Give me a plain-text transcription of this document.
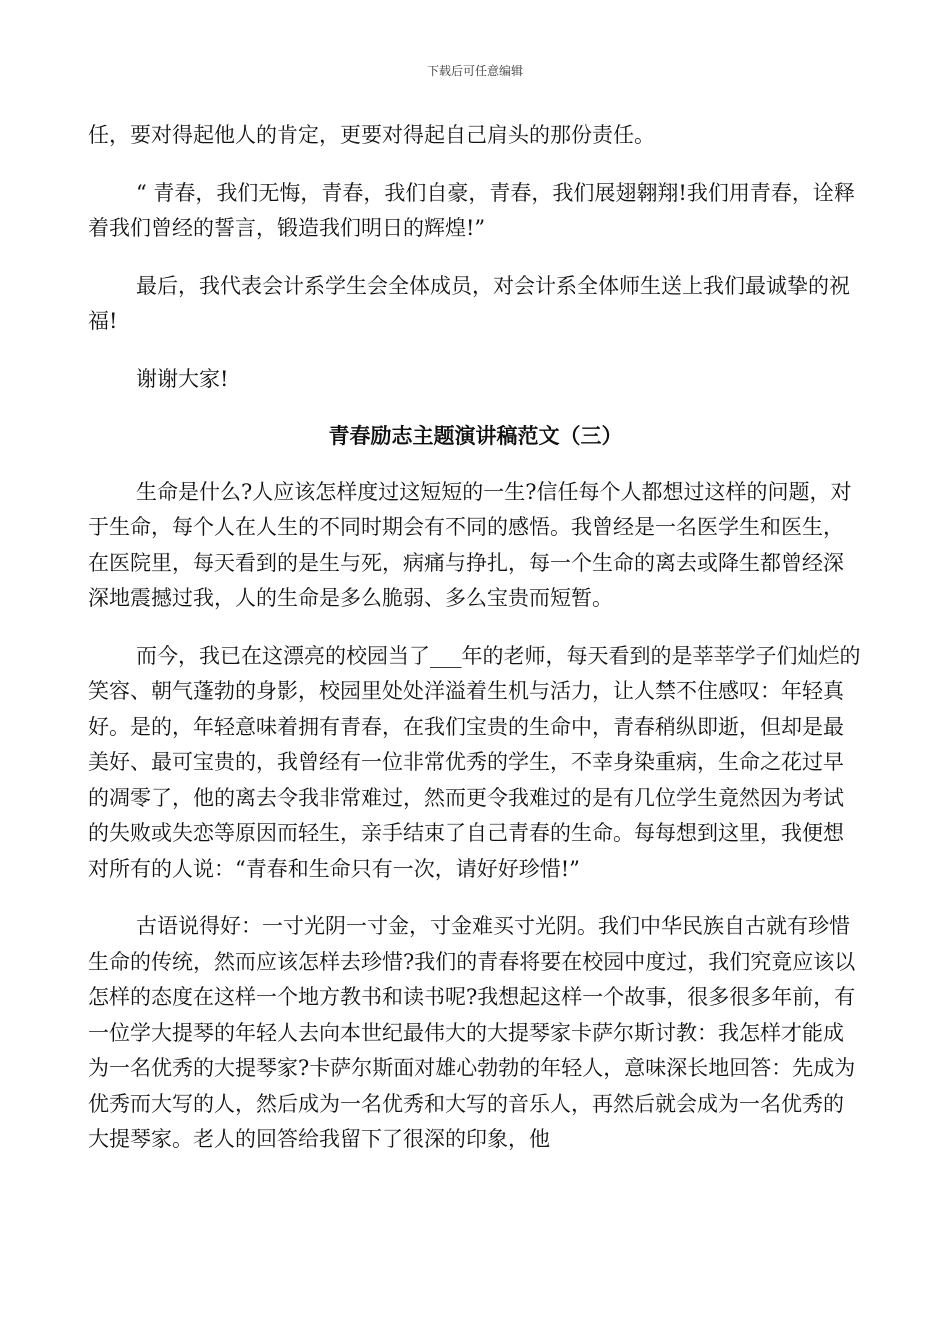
下载后可任意编辑

任，要对得起他人的肯定，更要对得起自己肩头的那份责任。

“ 青春，我们无悔，青春，我们自豪，青春，我们展翅翱翔!我们用青春，诠释着我们曾经的誓言，锻造我们明日的辉煌!”

最后，我代表会计系学生会全体成员，对会计系全体师生送上我们最诚挚的祝福!

谢谢大家!

青春励志主题演讲稿范文（三）

生命是什么?人应该怎样度过这短短的一生?信任每个人都想过这样的问题，对于生命，每个人在人生的不同时期会有不同的感悟。我曾经是一名医学生和医生，在医院里，每天看到的是生与死，病痛与挣扎，每一个生命的离去或降生都曾经深深地震撼过我，人的生命是多么脆弱、多么宝贵而短暂。

而今，我已在这漂亮的校园当了___年的老师，每天看到的是莘莘学子们灿烂的笑容、朝气蓬勃的身影，校园里处处洋溢着生机与活力，让人禁不住感叹：年轻真好。是的，年轻意味着拥有青春，在我们宝贵的生命中，青春稍纵即逝，但却是最美好、最可宝贵的，我曾经有一位非常优秀的学生，不幸身染重病，生命之花过早的凋零了，他的离去令我非常难过，然而更令我难过的是有几位学生竟然因为考试的失败或失恋等原因而轻生，亲手结束了自己青春的生命。每每想到这里，我便想对所有的人说：“青春和生命只有一次，请好好珍惜!”

古语说得好：一寸光阴一寸金，寸金难买寸光阴。我们中华民族自古就有珍惜生命的传统，然而应该怎样去珍惜?我们的青春将要在校园中度过，我们究竟应该以怎样的态度在这样一个地方教书和读书呢?我想起这样一个故事，很多很多年前，有一位学大提琴的年轻人去向本世纪最伟大的大提琴家卡萨尔斯讨教：我怎样才能成为一名优秀的大提琴家?卡萨尔斯面对雄心勃勃的年轻人，意味深长地回答：先成为优秀而大写的人，然后成为一名优秀和大写的音乐人，再然后就会成为一名优秀的大提琴家。老人的回答给我留下了很深的印象，他
